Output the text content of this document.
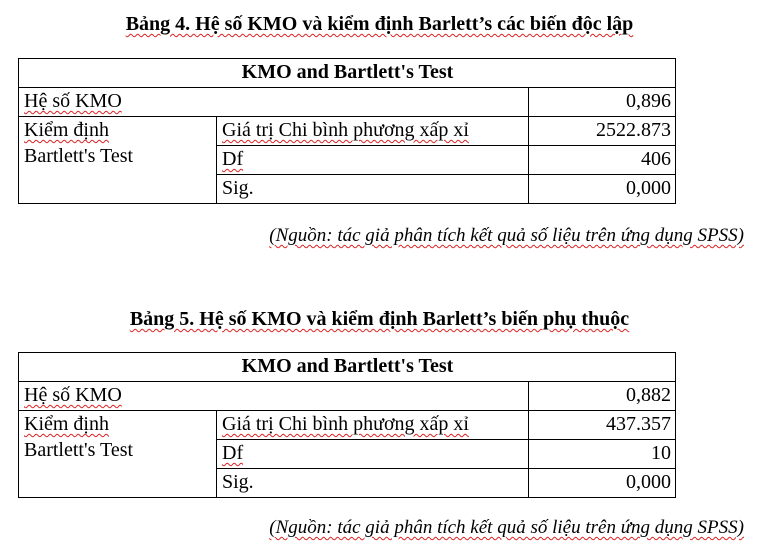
Bảng 4. Hệ số KMO và kiểm định Barlett’s các biến độc lập
KMO and Bartlett's Test		
Hệ số KMO		0,896
Kiểm định
Bartlett's Test	Giá trị Chi bình phương xấp xỉ	2522.873
	Df	406
	Sig.	0,000
(Nguồn: tác giả phân tích kết quả số liệu trên ứng dụng SPSS)
Bảng 5. Hệ số KMO và kiểm định Barlett’s biến phụ thuộc
KMO and Bartlett's Test		
Hệ số KMO		0,882
Kiểm định
Bartlett's Test	Giá trị Chi bình phương xấp xỉ	437.357
	Df	10
	Sig.	0,000
(Nguồn: tác giả phân tích kết quả số liệu trên ứng dụng SPSS)
